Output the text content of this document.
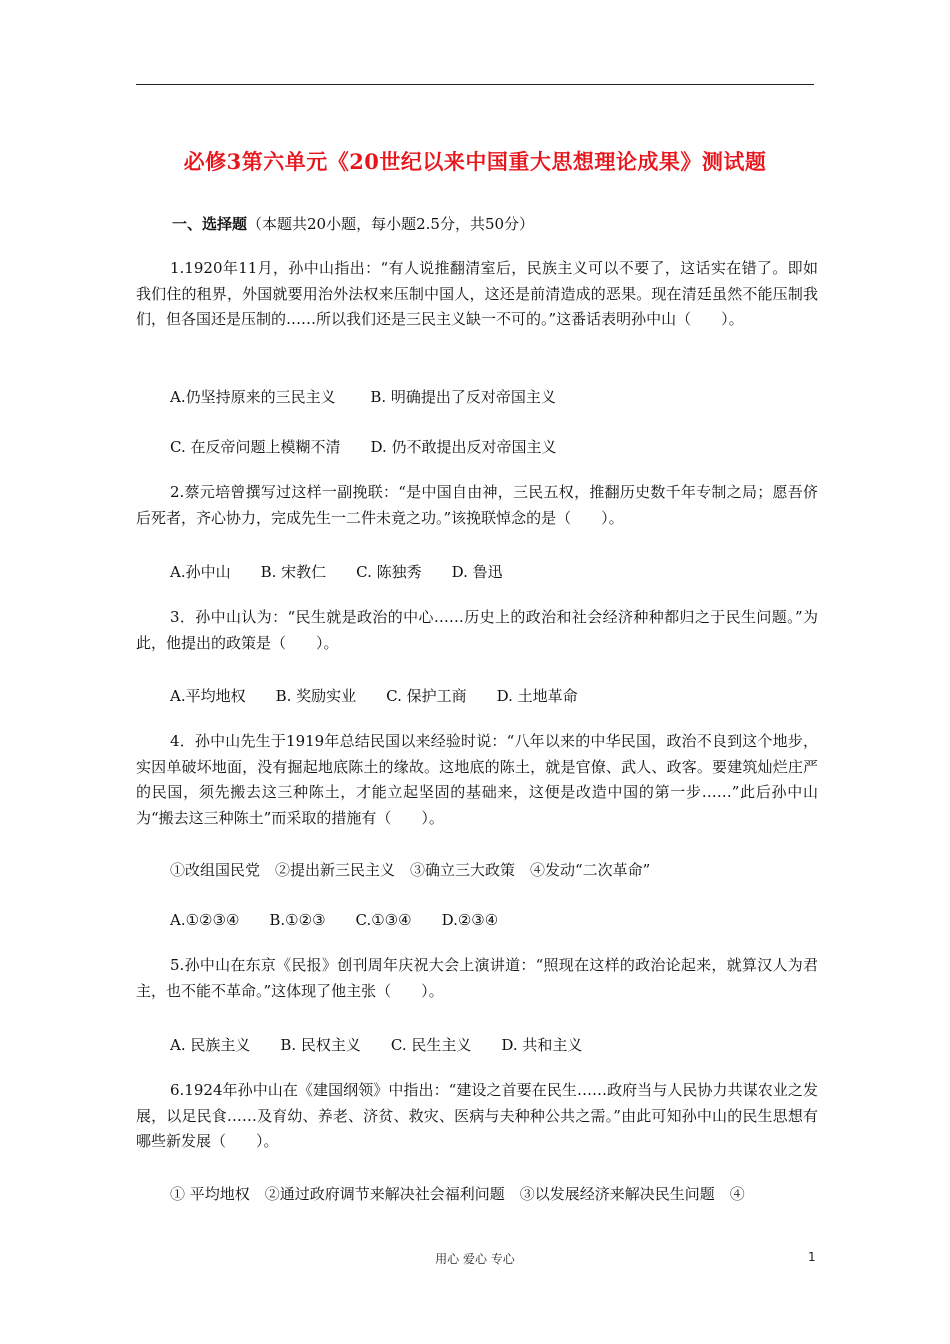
必修3第六单元《20世纪以来中国重大思想理论成果》测试题
一、选择题（本题共20小题，每小题2.5分，共50分）

1.1920年11月，孙中山指出：“有人说推翻清室后，民族主义可以不要了，这话实在错了。即如我们住的租界，外国就要用治外法权来压制中国人，这还是前清造成的恶果。现在清廷虽然不能压制我们，但各国还是压制的……所以我们还是三民主义缺一不可的。”这番话表明孙中山（　　）。

A.仍坚持原来的三民主义　　 B. 明确提出了反对帝国主义

C. 在反帝问题上模糊不清　　D. 仍不敢提出反对帝国主义

2.蔡元培曾撰写过这样一副挽联：“是中国自由神，三民五权，推翻历史数千年专制之局；愿吾侪后死者，齐心协力，完成先生一二件未竟之功。”该挽联悼念的是（　　）。

A.孙中山　　B. 宋教仁　　C. 陈独秀　　D. 鲁迅

3．孙中山认为：“民生就是政治的中心……历史上的政治和社会经济种种都归之于民生问题。”为此，他提出的政策是（　　）。

A.平均地权　　B. 奖励实业　　C. 保护工商　　D. 土地革命

4．孙中山先生于1919年总结民国以来经验时说：“八年以来的中华民国，政治不良到这个地步，实因单破坏地面，没有掘起地底陈土的缘故。这地底的陈土，就是官僚、武人、政客。要建筑灿烂庄严的民国，须先搬去这三种陈土，才能立起坚固的基础来，这便是改造中国的第一步……”此后孙中山为“搬去这三种陈土”而采取的措施有（　　）。

①改组国民党　②提出新三民主义　③确立三大政策　④发动“二次革命”

A.①②③④　　B.①②③　　C.①③④　　D.②③④

5.孙中山在东京《民报》创刊周年庆祝大会上演讲道：“照现在这样的政治论起来，就算汉人为君主，也不能不革命。”这体现了他主张（　　）。

A. 民族主义　　B. 民权主义　　C. 民生主义　　D. 共和主义

6.1924年孙中山在《建国纲领》中指出：“建设之首要在民生……政府当与人民协力共谋农业之发展，以足民食……及育幼、养老、济贫、救灾、医病与夫种种公共之需。”由此可知孙中山的民生思想有哪些新发展（　　）。

① 平均地权　②通过政府调节来解决社会福利问题　③以发展经济来解决民生问题　④

用心 爱心 专心	1
